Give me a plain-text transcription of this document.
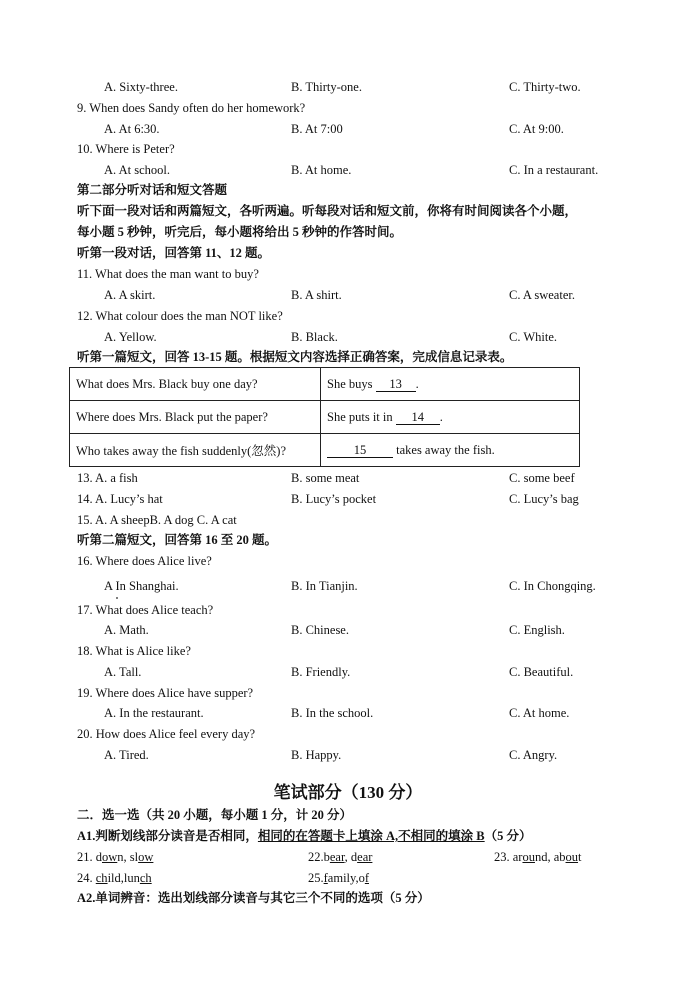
A. Sixty-three.	B. Thirty-one.	C. Thirty-two.
9. When does Sandy often do her homework?
A. At 6:30.	B. At 7:00	C. At 9:00.
10. Where is Peter?
A. At school.	B. At home.	C. In a restaurant.
第二部分听对话和短文答题
听下面一段对话和两篇短文，各听两遍。听每段对话和短文前，你将有时间阅读各个小题，
每小题 5 秒钟，听完后，每小题将给出 5 秒钟的作答时间。
听第一段对话，回答第 11、12 题。
11. What does the man want to buy?
A. A skirt.	B. A shirt.	C. A sweater.
12. What colour does the man NOT like?
A. Yellow.	B. Black.	C. White.
听第一篇短文，回答 13-15 题。根据短文内容选择正确答案，完成信息记录表。
What does Mrs. Black buy one day?	She buys 13 .
Where does Mrs. Black put the paper?	She puts it in 14 .
Who takes away the fish suddenly(忽然)?	15 takes away the fish.
13. A. a fish	B. some meat	C. some beef
14. A. Lucy’s hat	B. Lucy’s pocket	C. Lucy’s bag
15. A. A sheepB. A dog C. A cat
听第二篇短文，回答第 16 至 20 题。
16. Where does Alice live?
A In Shanghai.	B. In Tianjin.	C. In Chongqing.
17. What does Alice teach?
A. Math.	B. Chinese.	C. English.
18. What is Alice like?
A. Tall.	B. Friendly.	C. Beautiful.
19. Where does Alice have supper?
A. In the restaurant.	B. In the school.	C. At home.
20. How does Alice feel every day?
A. Tired.	B. Happy.	C. Angry.
笔试部分（130 分）
二．选一选（共 20 小题，每小题 1 分，计 20 分）
A1.判断划线部分读音是否相同，相同的在答题卡上填涂 A,不相同的填涂 B（5 分）
21. down, slow	22.bear, dear	23. around, about
24. child,lunch	25.family,of
A2.单词辨音：选出划线部分读音与其它三个不同的选项（5 分）
